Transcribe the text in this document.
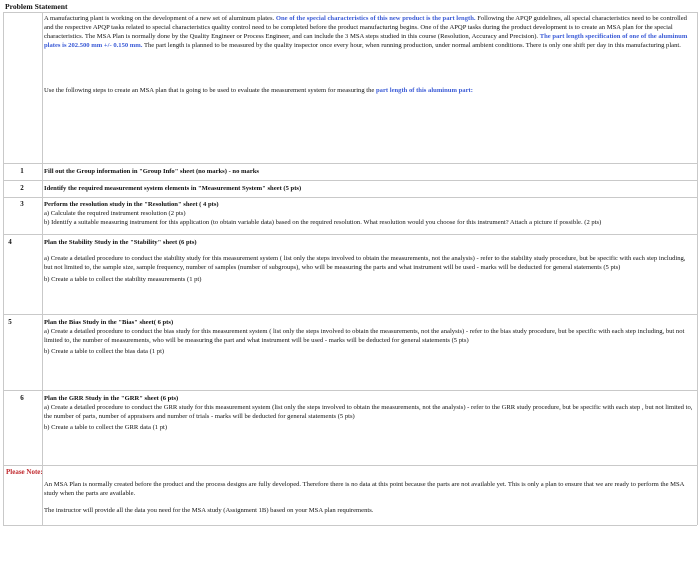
Problem Statement
A manufacturing plant is working on the development of a new set of aluminum plates. One of the special characteristics of this new product is the part length. Following the APQP guidelines, all special characteristics need to be controlled and the respective APQP tasks related to special characteristics quality control need to be completed before the product manufacturing begins. One of the APQP tasks during the product development is to create an MSA plan for the special characteristics. The MSA Plan is normally done by the Quality Engineer or Process Engineer, and can include the 3 MSA steps studied in this course (Resolution, Accuracy and Precision). The part length specification of one of the aluminum plates is 202.500 mm +/- 0.150 mm. The part length is planned to be measured by the quality inspector once every hour, when running production, under normal ambient conditions. There is only one shift per day in this manufacturing plant.
Use the following steps to create an MSA plan that is going to be used to evaluate the measurement system for measuring the part length of this aluminum part:
1	Fill out the Group information in "Group Info" sheet (no marks) - no marks
2	Identify the required measurement system elements in "Measurement System" sheet (5 pts)
3	Perform the resolution study in the "Resolution" sheet ( 4 pts)
a) Calculate the required instrument resolution (2 pts)
b) Identify a suitable measuring instrument for this application (to obtain variable data) based on the required resolution. What resolution would you choose for this instrument? Attach a picture if possible. (2 pts)
4	Plan the Stability Study in the "Stability" sheet (6 pts)
a) Create a detailed procedure to conduct the stability study for this measurement system ( list only the steps involved to obtain the measurements, not the analysis) - refer to the stability study procedure, but be specific with each step including, but not limited to, the sample size, sample frequency, number of samples (number of subgroups), who will be measuring the parts and what instrument will be used - marks will be deducted for general statements (5 pts)
b) Create a table to collect the stability measurements (1 pt)
5	Plan the Bias Study in the "Bias" sheet( 6 pts)
a) Create a detailed procedure to conduct the bias study for this measurement system ( list only the steps involved to obtain the measurements, not the analysis) - refer to the bias study procedure, but be specific with each step including, but not limited to, the number of measurements, who will be measuring the part and what instrument will be used - marks will be deducted for general statements (5 pts)
b) Create a table to collect the bias data (1 pt)
6	Plan the GRR Study in the "GRR" sheet (6 pts)
a) Create a detailed procedure to conduct the GRR study for this measurement system (list only the steps involved to obtain the measurements, not the analysis) - refer to the GRR study procedure, but be specific with each step , but not limited to, the number of parts, number of appraisers and number of trials - marks will be deducted for general statements (5 pts)
b) Create a table to collect the GRR data (1 pt)
Please Note:
An MSA Plan is normally created before the product and the process designs are fully developed. Therefore there is no data at this point because the parts are not available yet. This is only a plan to ensure that we are ready to perform the MSA study when the parts are available.
The instructor will provide all the data you need for the MSA study (Assignment 1B) based on your MSA plan requirements.
